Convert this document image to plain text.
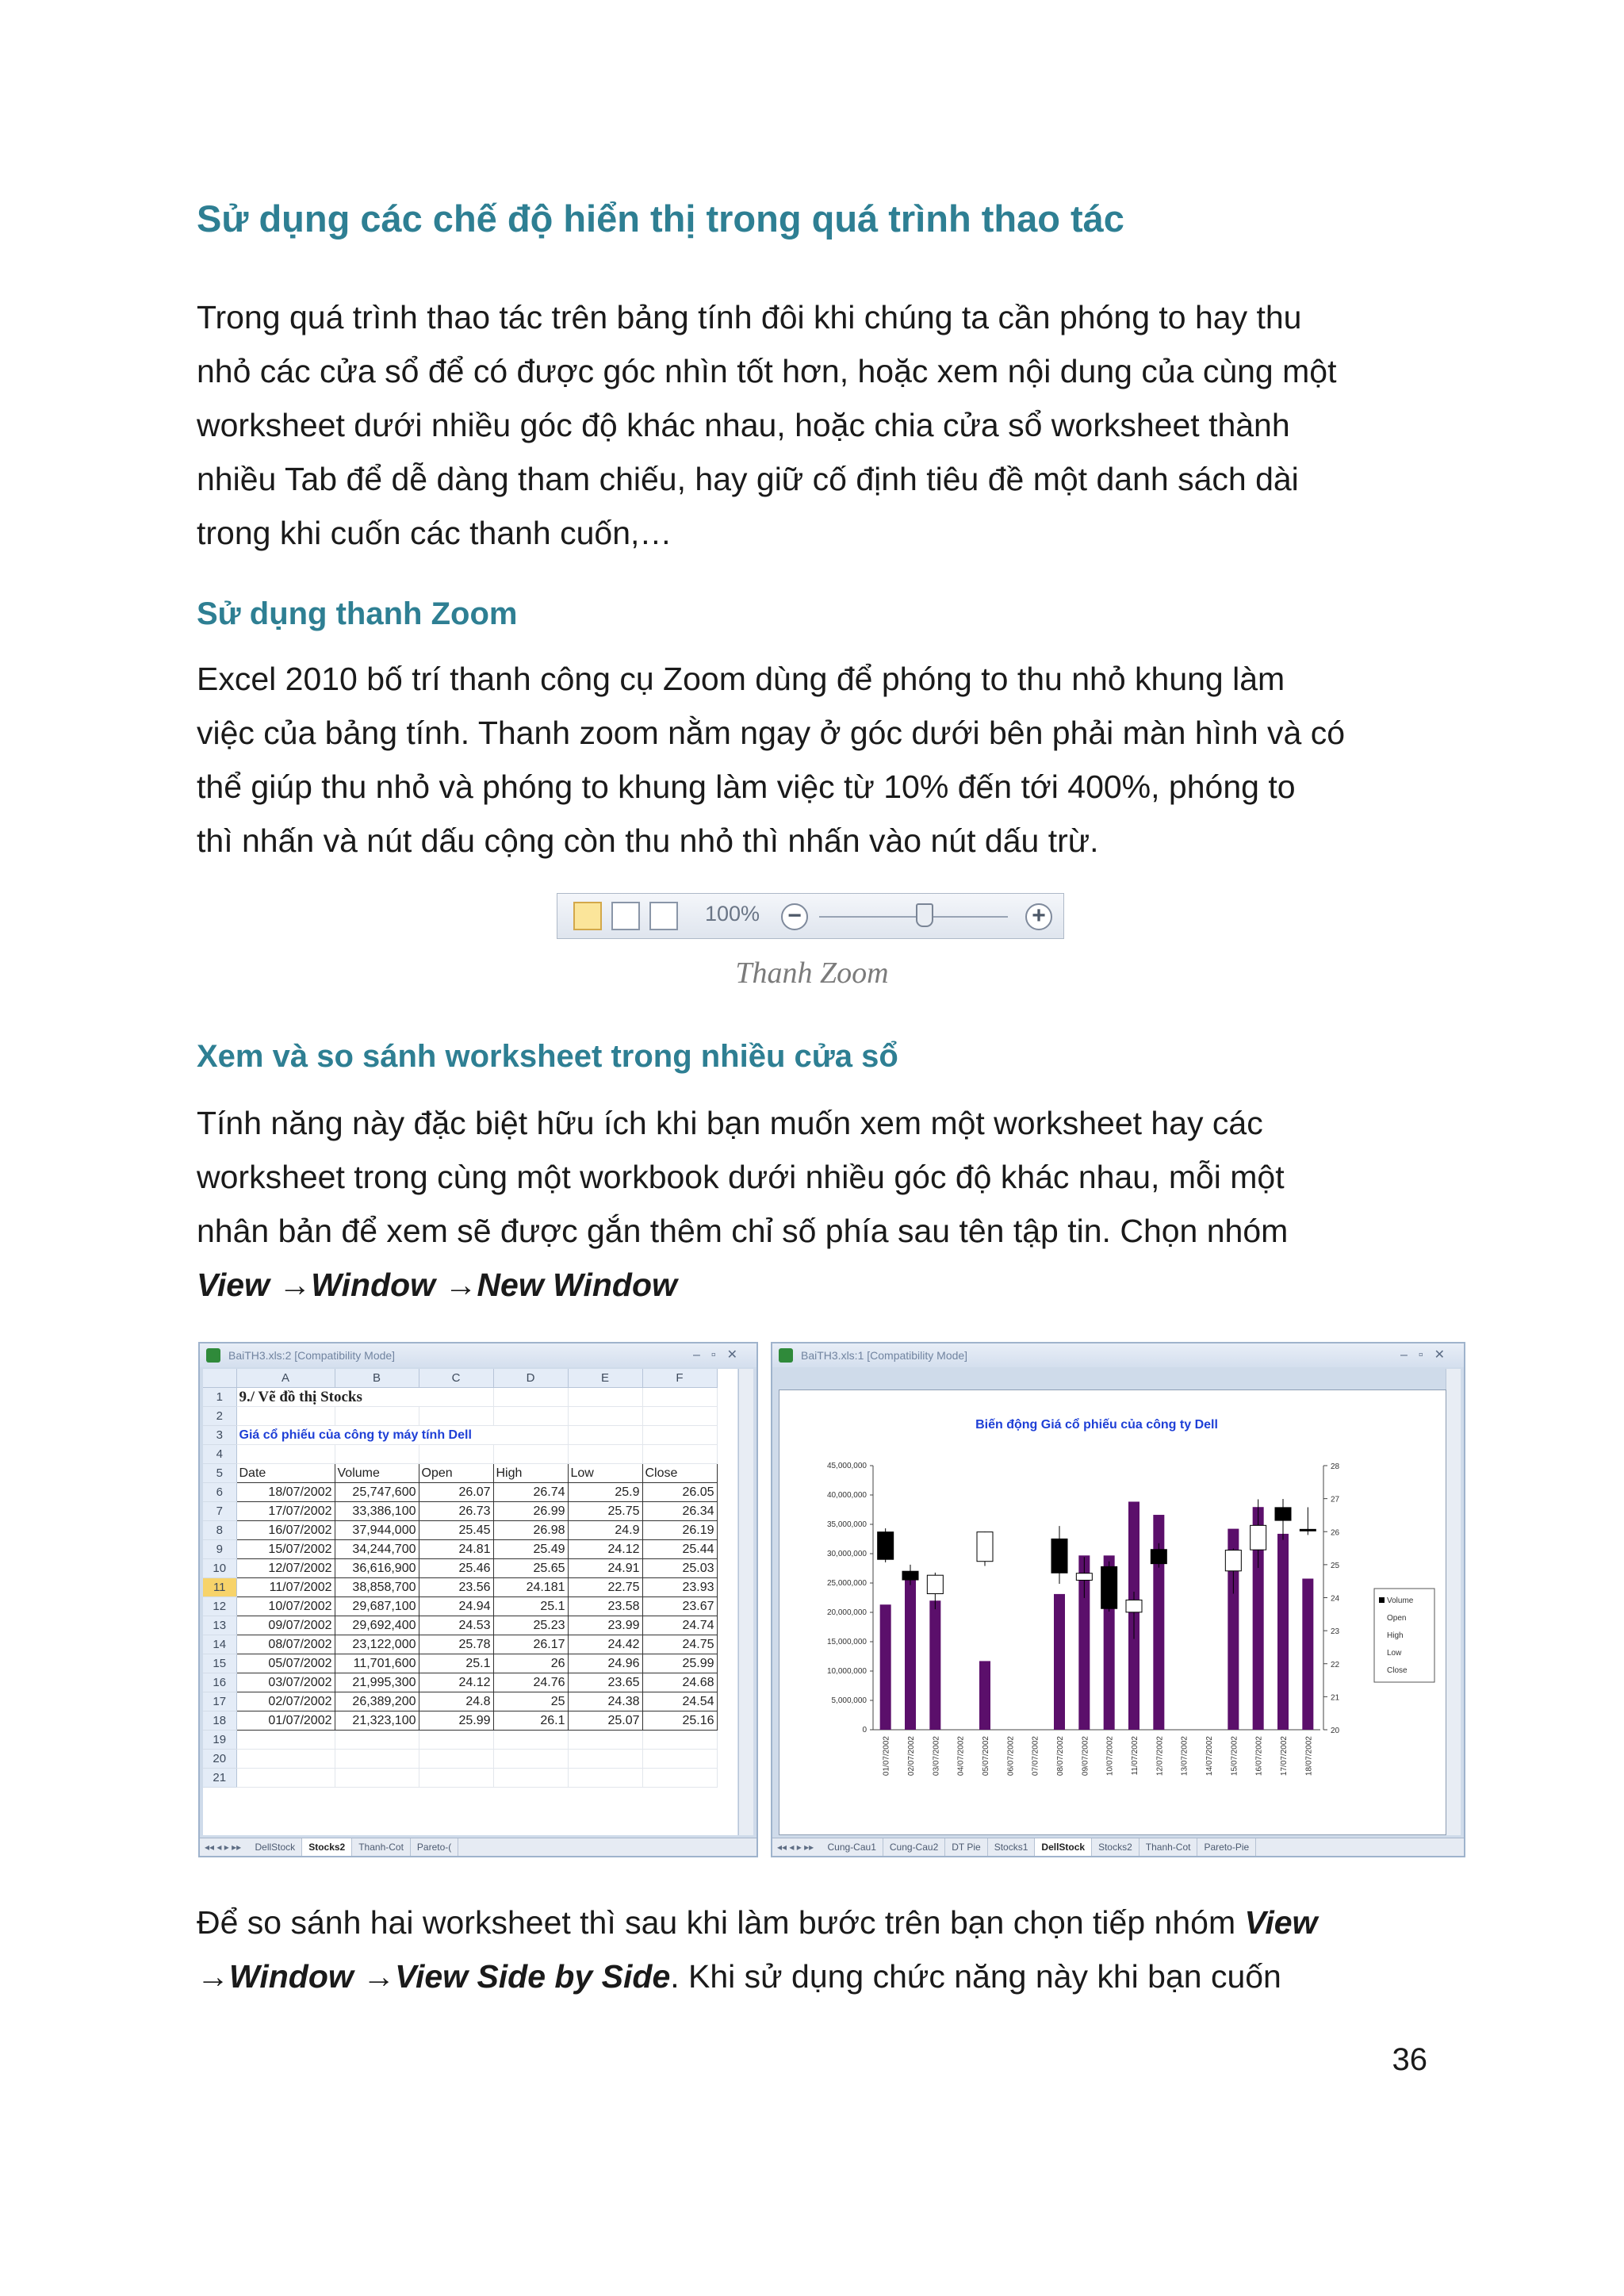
Sử dụng các chế độ hiển thị trong quá trình thao tác

Trong quá trình thao tác trên bảng tính đôi khi chúng ta cần phóng to hay thu

nhỏ các cửa sổ để có được góc nhìn tốt hơn, hoặc xem nội dung của cùng một

worksheet dưới nhiều góc độ khác nhau, hoặc chia cửa sổ worksheet thành

nhiều Tab để dễ dàng tham chiếu, hay giữ cố định tiêu đề một danh sách dài

trong khi cuốn các thanh cuốn,…

Sử dụng thanh Zoom

Excel 2010 bố trí thanh công cụ Zoom dùng để phóng to thu nhỏ khung làm

việc của bảng tính. Thanh zoom nằm ngay ở góc dưới bên phải màn hình và có

thể giúp thu nhỏ và phóng to khung làm việc từ 10% đến tới 400%, phóng to

thì nhấn và nút dấu cộng còn thu nhỏ thì nhấn vào nút dấu trừ.

100% −	+
Thanh Zoom
Xem và so sánh worksheet trong nhiều cửa sổ

Tính năng này đặc biệt hữu ích khi bạn muốn xem một worksheet hay các

worksheet trong cùng một workbook dưới nhiều góc độ khác nhau, mỗi một

nhân bản để xem sẽ được gắn thêm chỉ số phía sau tên tập tin. Chọn nhóm

View →Window →New Window

BaiTH3.xls:2 [Compatibility Mode]	–▫✕
	A	B	C	D	E	F
1	9./ Vẽ đồ thị Stocks					
2						
3	Giá cổ phiếu của công ty máy tính Dell					
4						
5	Date	Volume	Open	High	Low	Close
6	18/07/2002	25,747,600	26.07	26.74	25.9	26.05
7	17/07/2002	33,386,100	26.73	26.99	25.75	26.34
8	16/07/2002	37,944,000	25.45	26.98	24.9	26.19
9	15/07/2002	34,244,700	24.81	25.49	24.12	25.44
10	12/07/2002	36,616,900	25.46	25.65	24.91	25.03
11	11/07/2002	38,858,700	23.56	24.181	22.75	23.93
12	10/07/2002	29,687,100	24.94	25.1	23.58	23.67
13	09/07/2002	29,692,400	24.53	25.23	23.99	24.74
14	08/07/2002	23,122,000	25.78	26.17	24.42	24.75
15	05/07/2002	11,701,600	25.1	26	24.96	25.99
16	03/07/2002	21,995,300	24.12	24.76	23.65	24.68
17	02/07/2002	26,389,200	24.8	25	24.38	24.54
18	01/07/2002	21,323,100	25.99	26.1	25.07	25.16
19						
20						
21						
◂◂ ◂ ▸ ▸▸ DellStock Stocks2 Thanh-Cot Pareto-(
BaiTH3.xls:1 [Compatibility Mode]	–▫✕
Biến động Giá cổ phiếu của công ty Dell
0
5,000,000
10,000,000
15,000,000
20,000,000
25,000,000
30,000,000
35,000,000
40,000,000
45,000,000
20
21
22
23
24
25
26
27
28
01/07/2002 02/07/2002 03/07/2002 04/07/2002 05/07/2002 06/07/2002 07/07/2002 08/07/2002 09/07/2002 10/07/2002 11/07/2002 12/07/2002 13/07/2002 14/07/2002 15/07/2002 16/07/2002 17/07/2002 18/07/2002
Volume
Open
High
Low
Close
◂◂ ◂ ▸ ▸▸ Cung-Cau1 Cung-Cau2 DT Pie Stocks1 DellStock Stocks2 Thanh-Cot Pareto-Pie

Để so sánh hai worksheet thì sau khi làm bước trên bạn chọn tiếp nhóm View

→Window →View Side by Side. Khi sử dụng chức năng này khi bạn cuốn

36
